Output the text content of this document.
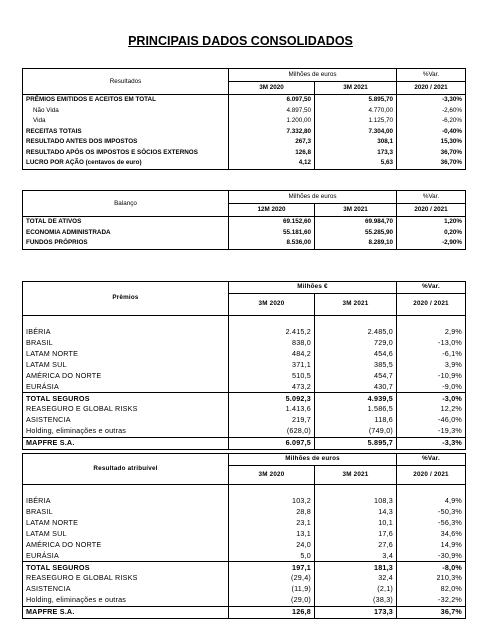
PRINCIPAIS DADOS CONSOLIDADOS
Resultados	Milhões de euros		%Var.
	3M 2020	3M 2021	2020 / 2021
PRÊMIOS EMITIDOS E ACEITOS EM TOTAL	6.097,50	5.895,70	-3,30%
Não Vida	4.897,50	4.770,00	-2,60%
Vida	1.200,00	1.125,70	-6,20%
RECEITAS TOTAIS	7.332,80	7.304,00	-0,40%
RESULTADO ANTES DOS IMPOSTOS	267,3	308,1	15,30%
RESULTADO APÓS OS IMPOSTOS E SÓCIOS EXTERNOS	126,8	173,3	36,70%
LUCRO POR AÇÃO (centavos de euro)	4,12	5,63	36,70%
Balanço	Milhões de euros		%Var.
	12M 2020	3M 2021	2020 / 2021
TOTAL DE ATIVOS	69.152,60	69.984,70	1,20%
ECONOMIA ADMINISTRADA	55.181,60	55.285,90	0,20%
FUNDOS PRÓPRIOS	8.536,00	8.289,10	-2,90%
Prêmios	Milhões €		%Var.
	3M 2020	3M 2021	2020 / 2021

IBÉRIA	2.415,2	2.485,0	2,9%
BRASIL	838,0	729,0	-13,0%
LATAM NORTE	484,2	454,6	-6,1%
LATAM SUL	371,1	385,5	3,9%
AMÉRICA DO NORTE	510,5	454,7	-10,9%
EURÁSIA	473,2	430,7	-9,0%
TOTAL SEGUROS	5.092,3	4.939,5	-3,0%
REASEGURO E GLOBAL RISKS	1.413,6	1.586,5	12,2%
ASISTENCIA	219,7	118,6	-46,0%
Holding, eliminações e outras	(628,0)	(749,0)	-19,3%
MAPFRE S.A.	6.097,5	5.895,7	-3,3%
Resultado atribuível	Milhões de euros		%Var.
	3M 2020	3M 2021	2020 / 2021

IBÉRIA	103,2	108,3	4,9%
BRASIL	28,8	14,3	-50,3%
LATAM NORTE	23,1	10,1	-56,3%
LATAM SUL	13,1	17,6	34,6%
AMÉRICA DO NORTE	24,0	27,6	14,9%
EURÁSIA	5,0	3,4	-30,9%
TOTAL SEGUROS	197,1	181,3	-8,0%
REASEGURO E GLOBAL RISKS	(29,4)	32,4	210,3%
ASISTENCIA	(11,9)	(2,1)	82,0%
Holding, eliminações e outras	(29,0)	(38,3)	-32,2%
MAPFRE S.A.	126,8	173,3	36,7%
